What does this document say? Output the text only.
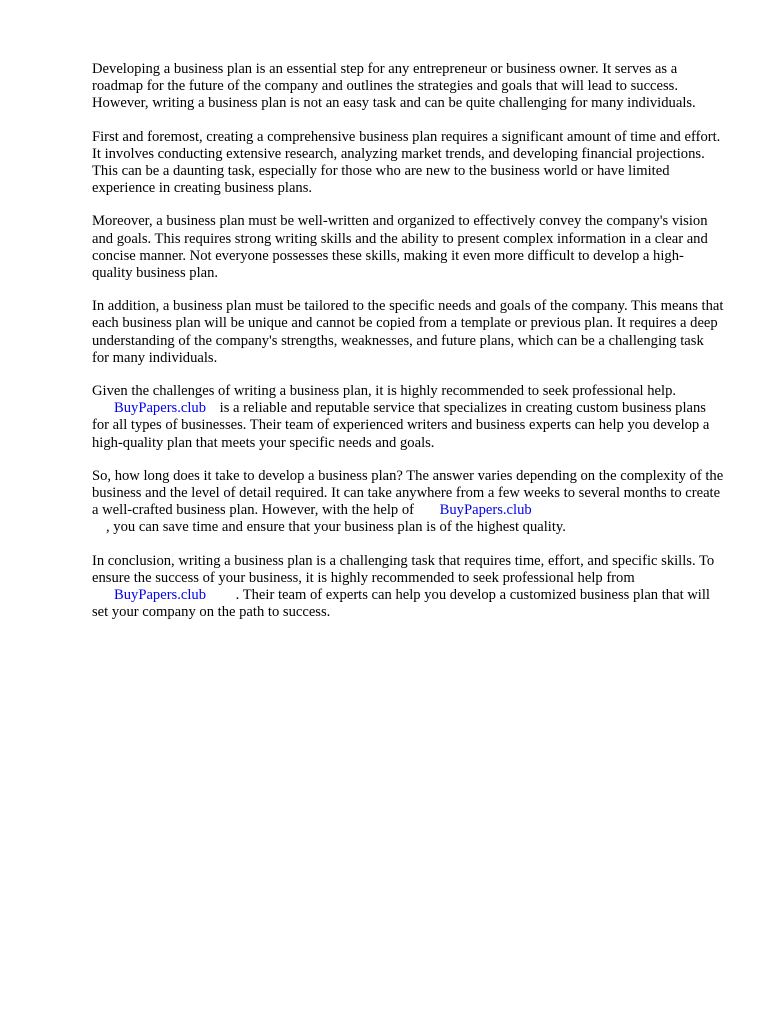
Developing a business plan is an essential step for any entrepreneur or business owner. It serves as a roadmap for the future of the company and outlines the strategies and goals that will lead to success. However, writing a business plan is not an easy task and can be quite challenging for many individuals.

First and foremost, creating a comprehensive business plan requires a significant amount of time and effort. It involves conducting extensive research, analyzing market trends, and developing financial projections. This can be a daunting task, especially for those who are new to the business world or have limited experience in creating business plans.

Moreover, a business plan must be well-written and organized to effectively convey the company's vision and goals. This requires strong writing skills and the ability to present complex information in a clear and concise manner. Not everyone possesses these skills, making it even more difficult to develop a high-quality business plan.

In addition, a business plan must be tailored to the specific needs and goals of the company. This means that each business plan will be unique and cannot be copied from a template or previous plan. It requires a deep understanding of the company's strengths, weaknesses, and future plans, which can be a challenging task for many individuals.

Given the challenges of writing a business plan, it is highly recommended to seek professional help.
BuyPapers.club is a reliable and reputable service that specializes in creating custom business plans for all types of businesses. Their team of experienced writers and business experts can help you develop a high-quality plan that meets your specific needs and goals.

So, how long does it take to develop a business plan? The answer varies depending on the complexity of the business and the level of detail required. It can take anywhere from a few weeks to several months to create a well-crafted business plan. However, with the help of BuyPapers.club
, you can save time and ensure that your business plan is of the highest quality.

In conclusion, writing a business plan is a challenging task that requires time, effort, and specific skills. To ensure the success of your business, it is highly recommended to seek professional help from BuyPapers.club . Their team of experts can help you develop a customized business plan that will set your company on the path to success.
